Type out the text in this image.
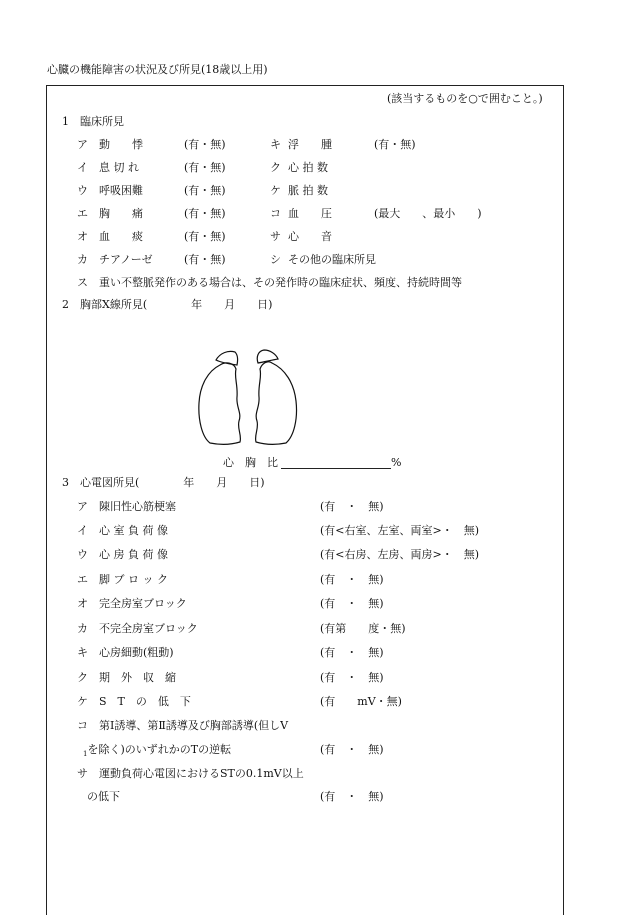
心臓の機能障害の状況及び所見(18歳以上用)
(該当するものを○で囲むこと。)
1　臨床所見
ア 動　　悸	(有・無)
イ 息 切 れ	(有・無)
ウ 呼吸困難	(有・無)
エ 胸　　痛	(有・無)
オ 血　　痰	(有・無)
カ チアノーゼ	(有・無)
キ 浮　　腫	(有・無)
ク 心 拍 数
ケ 脈 拍 数
コ 血　　圧	(最大　　、最小　　)
サ 心　　音
シ その他の臨床所見
ス　重い不整脈発作のある場合は、その発作時の臨床症状、頻度、持続時間等
2　胸部X線所見(　　　　年　　月　　日)
心　胸　比	%
3　心電図所見(　　　　年　　月　　日)
ア 陳旧性心筋梗塞	(有　・　無)
イ 心 室 負 荷 像	(有<右室、左室、両室>・　無)
ウ 心 房 負 荷 像	(有<右房、左房、両房>・　無)
エ 脚 ブ ロ ッ ク	(有　・　無)
オ 完全房室ブロック	(有　・　無)
カ 不完全房室ブロック	(有第　　度・無)
キ 心房細動(粗動)	(有　・　無)
ク 期　外　収　縮	(有　・　無)
ケ S　T　の　低　下	(有　　mV・無)
コ 第Ⅰ誘導、第Ⅱ誘導及び胸部誘導(但しV
$_1$を除く)のいずれかのTの逆転	(有　・　無)
サ 運動負荷心電図におけるSTの0.1mV以上
の低下	(有　・　無)
